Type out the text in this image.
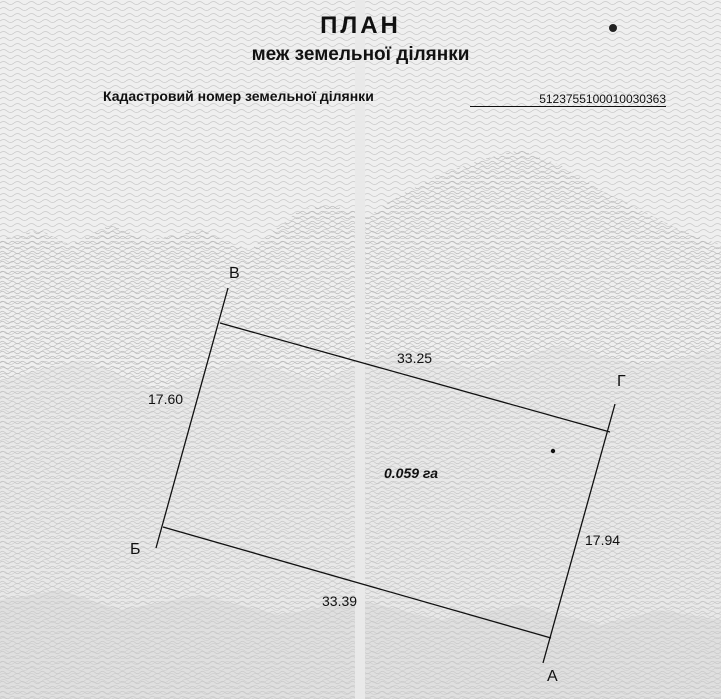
ПЛАН
меж земельної ділянки
Кадастровий номер земельної ділянки	5123755100010030363
В
Г
Б
А
33.25
17.60
17.94
33.39
0.059 га
